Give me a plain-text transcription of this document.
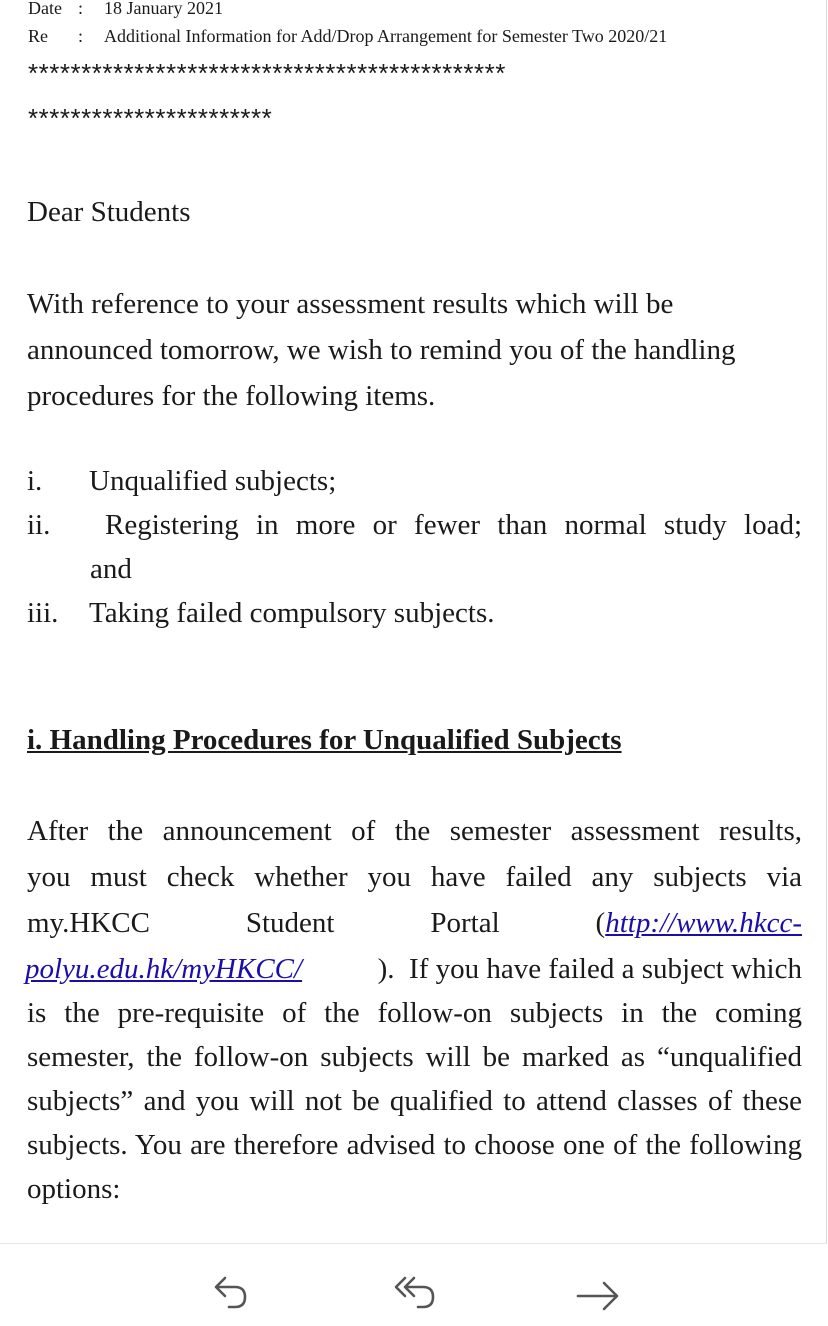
Date : 18 January 2021
Re : Additional Information for Add/Drop Arrangement for Semester Two 2020/21
*********************************************
***********************
Dear Students
With reference to your assessment results which will be announced tomorrow, we wish to remind you of the handling procedures for the following items.
i. Unqualified subjects;
ii.	Registering in more or fewer than normal study load;
and
iii. Taking failed compulsory subjects.
i. Handling Procedures for Unqualified Subjects
After the announcement of the semester assessment results,
you must check whether you have failed any subjects via
my.HKCC	Student	Portal	(http://www.hkcc-
polyu.edu.hk/myHKCC/	).  If you have failed a subject which
is the pre-requisite of the follow-on subjects in the coming semester, the follow-on subjects will be marked as “unqualified subjects” and you will not be qualified to attend classes of these subjects. You are therefore advised to choose one of the following options:
